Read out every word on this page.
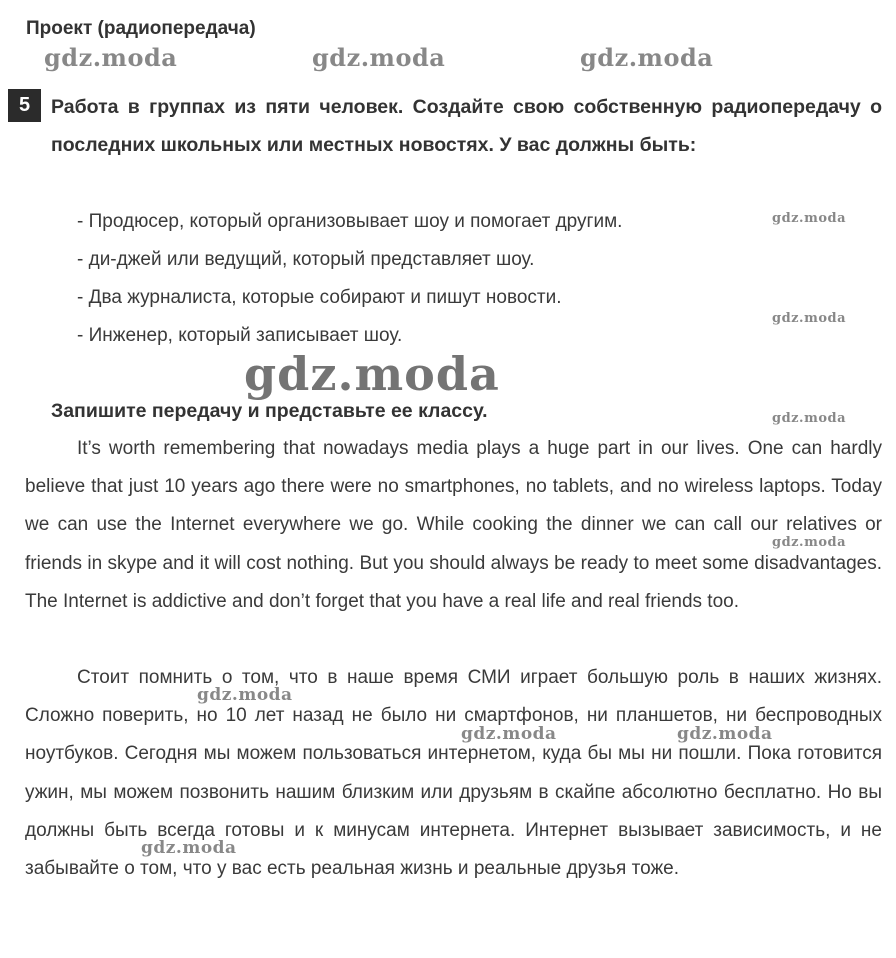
Проект (радиопередача)
gdz.moda	gdz.moda	gdz.moda
5	Работа в группах из пяти человек. Создайте свою собственную радиопередачу о последних школьных или местных новостях. У вас должны быть:

- Продюсер, который организовывает шоу и помогает другим.
- ди-джей или ведущий, который представляет шоу.
- Два журналиста, которые собирают и пишут новости.
- Инженер, который записывает шоу.
gdz.moda
gdz.moda
gdz.moda

Запишите передачу и представьте ее классу.	gdz.moda

It’s worth remembering that nowadays media plays a huge part in our lives. One can hardly believe that just 10 years ago there were no smartphones, no tablets, and no wireless laptops. Today we can use the Internet everywhere we go. While cooking the dinner we can call our relatives or friends in skype and it will cost nothing. But you should always be ready to meet some disadvantages. The Internet is addictive and don’t forget that you have a real life and real friends too.

gdz.moda

Стоит помнить о том, что в наше время СМИ играет большую роль в наших жизнях. Сложно поверить, но 10 лет назад не было ни смартфонов, ни планшетов, ни беспроводных ноутбуков. Сегодня мы можем пользоваться интернетом, куда бы мы ни пошли. Пока готовится ужин, мы можем позвонить нашим близким или друзьям в скайпе абсолютно бесплатно. Но вы должны быть всегда готовы и к минусам интернета. Интернет вызывает зависимость, и не забывайте о том, что у вас есть реальная жизнь и реальные друзья тоже.

gdz.moda
gdz.moda	gdz.moda
gdz.moda
